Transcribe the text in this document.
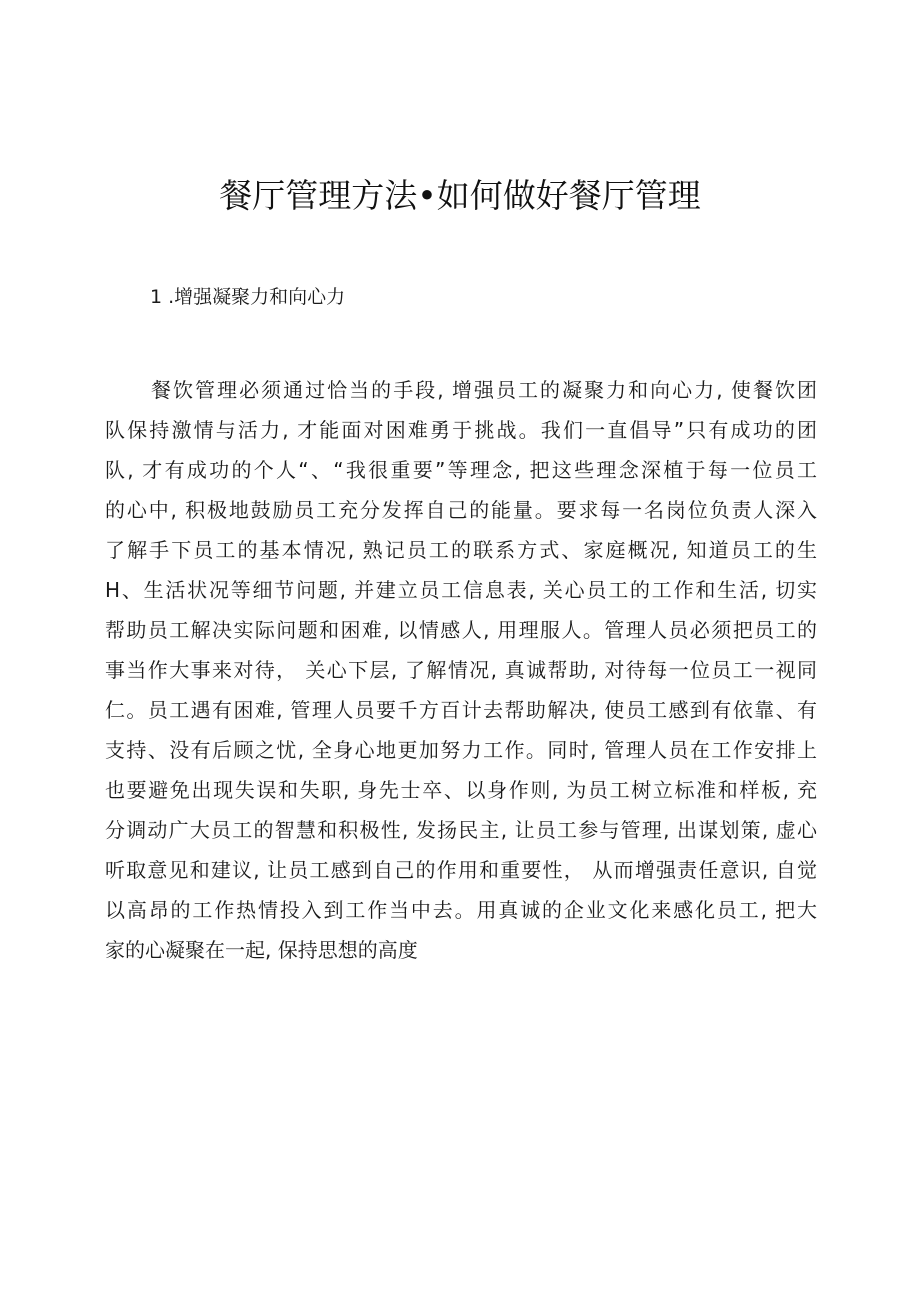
餐厅管理方法•如何做好餐厅管理
1 .增强凝聚力和向心力
餐饮管理必须通过恰当的手段, 增强员工的凝聚力和向心力, 使餐饮团
队保持激情与活力, 才能面对困难勇于挑战。我们一直倡导”只有成功的团
队, 才有成功的个人“、“我很重要”等理念, 把这些理念深植于每一位员工
的心中, 积极地鼓励员工充分发挥自己的能量。要求每一名岗位负责人深入
了解手下员工的基本情况, 熟记员工的联系方式、家庭概况, 知道员工的生
H、生活状况等细节问题, 并建立员工信息表, 关心员工的工作和生活, 切实
帮助员工解决实际问题和困难, 以情感人, 用理服人。管理人员必须把员工的
事当作大事来对待， 关心下层, 了解情况, 真诚帮助, 对待每一位员工一视同
仁。员工遇有困难, 管理人员要千方百计去帮助解决, 使员工感到有依靠、有
支持、没有后顾之忧, 全身心地更加努力工作。同时, 管理人员在工作安排上
也要避免出现失误和失职, 身先士卒、以身作则, 为员工树立标准和样板, 充
分调动广大员工的智慧和积极性, 发扬民主, 让员工参与管理, 出谋划策, 虚心
听取意见和建议, 让员工感到自己的作用和重要性， 从而增强责任意识, 自觉
以高昂的工作热情投入到工作当中去。用真诚的企业文化来感化员工, 把大
家的心凝聚在一起, 保持思想的高度
